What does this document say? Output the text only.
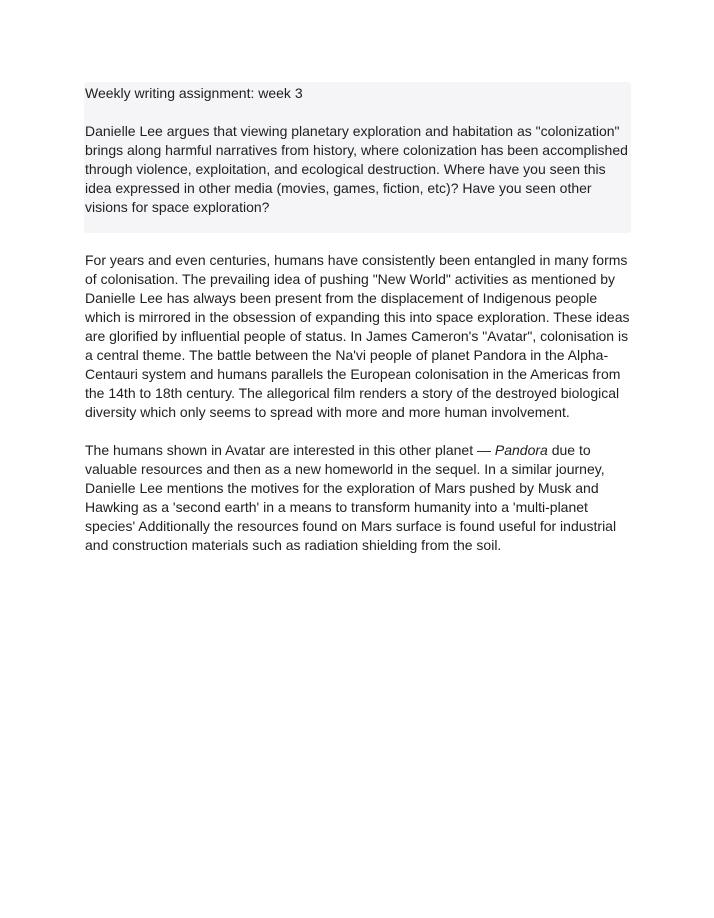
Weekly writing assignment: week 3

Danielle Lee argues that viewing planetary exploration and habitation as "colonization" brings along harmful narratives from history, where colonization has been accomplished through violence, exploitation, and ecological destruction. Where have you seen this idea expressed in other media (movies, games, fiction, etc)? Have you seen other visions for space exploration?

For years and even centuries, humans have consistently been entangled in many forms of colonisation. The prevailing idea of pushing "New World" activities as mentioned by Danielle Lee has always been present from the displacement of Indigenous people which is mirrored in the obsession of expanding this into space exploration. These ideas are glorified by influential people of status. In James Cameron's "Avatar", colonisation is a central theme. The battle between the Na'vi people of planet Pandora in the Alpha-Centauri system and humans parallels the European colonisation in the Americas from the 14th to 18th century. The allegorical film renders a story of the destroyed biological diversity which only seems to spread with more and more human involvement.

The humans shown in Avatar are interested in this other planet — Pandora due to valuable resources and then as a new homeworld in the sequel. In a similar journey, Danielle Lee mentions the motives for the exploration of Mars pushed by Musk and Hawking as a 'second earth' in a means to transform humanity into a 'multi-planet species' Additionally the resources found on Mars surface is found useful for industrial and construction materials such as radiation shielding from the soil.
